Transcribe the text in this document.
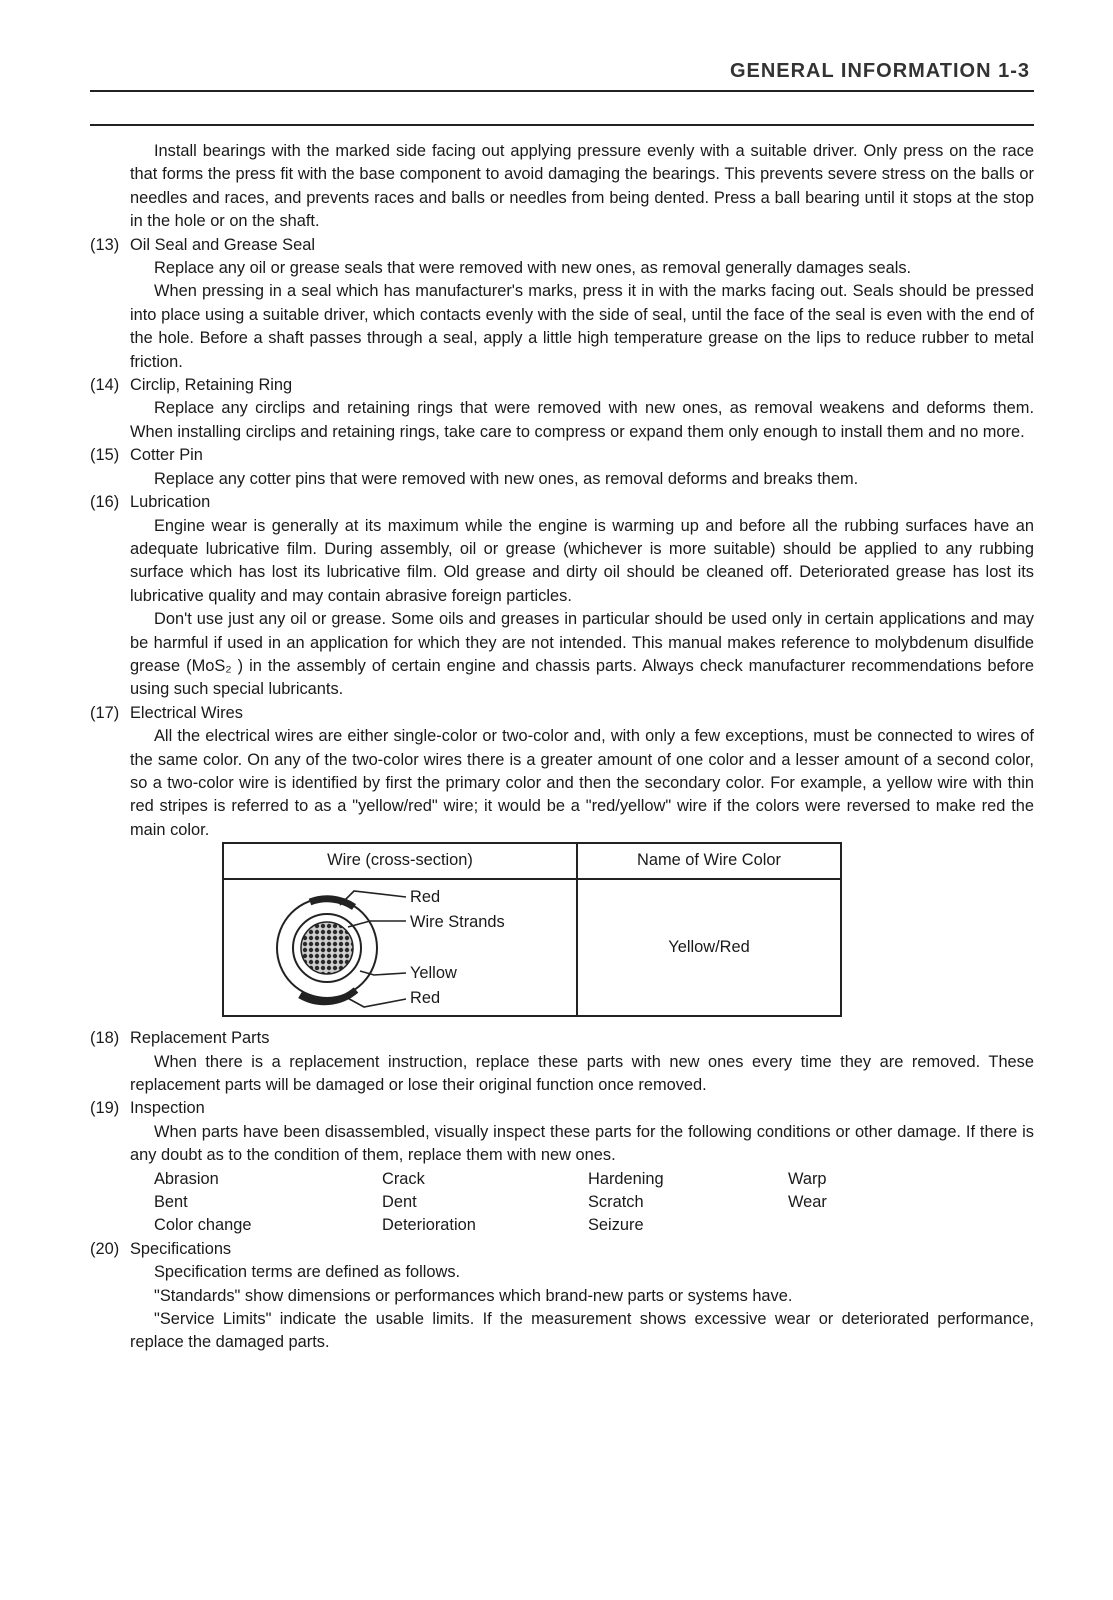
GENERAL INFORMATION 1-3

Install bearings with the marked side facing out applying pressure evenly with a suitable driver. Only press on the race that forms the press fit with the base component to avoid damaging the bearings. This prevents severe stress on the balls or needles and races, and prevents races and balls or needles from being dented. Press a ball bearing until it stops at the stop in the hole or on the shaft.

(13) Oil Seal and Grease Seal

Replace any oil or grease seals that were removed with new ones, as removal generally damages seals.

When pressing in a seal which has manufacturer's marks, press it in with the marks facing out. Seals should be pressed into place using a suitable driver, which contacts evenly with the side of seal, until the face of the seal is even with the end of the hole. Before a shaft passes through a seal, apply a little high temperature grease on the lips to reduce rubber to metal friction.

(14) Circlip, Retaining Ring

Replace any circlips and retaining rings that were removed with new ones, as removal weakens and deforms them. When installing circlips and retaining rings, take care to compress or expand them only enough to install them and no more.

(15) Cotter Pin

Replace any cotter pins that were removed with new ones, as removal deforms and breaks them.

(16) Lubrication

Engine wear is generally at its maximum while the engine is warming up and before all the rubbing surfaces have an adequate lubricative film. During assembly, oil or grease (whichever is more suitable) should be applied to any rubbing surface which has lost its lubricative film. Old grease and dirty oil should be cleaned off. Deteriorated grease has lost its lubricative quality and may contain abrasive foreign particles.

Don't use just any oil or grease. Some oils and greases in particular should be used only in certain applications and may be harmful if used in an application for which they are not intended. This manual makes reference to molybdenum disulfide grease (MoS₂ ) in the assembly of certain engine and chassis parts. Always check manufacturer recommendations before using such special lubricants.

(17) Electrical Wires

All the electrical wires are either single-color or two-color and, with only a few exceptions, must be connected to wires of the same color. On any of the two-color wires there is a greater amount of one color and a lesser amount of a second color, so a two-color wire is identified by first the primary color and then the secondary color. For example, a yellow wire with thin red stripes is referred to as a "yellow/red" wire; it would be a "red/yellow" wire if the colors were reversed to make red the main color.

Wire (cross-section)	Name of Wire Color

Red
Wire Strands
Yellow
Red	Yellow/Red

(18) Replacement Parts

When there is a replacement instruction, replace these parts with new ones every time they are removed. These replacement parts will be damaged or lose their original function once removed.

(19) Inspection

When parts have been disassembled, visually inspect these parts for the following conditions or other damage. If there is any doubt as to the condition of them, replace them with new ones.

Abrasion	Crack	Hardening	Warp
Bent	Dent	Scratch	Wear
Color change	Deterioration	Seizure

(20) Specifications

Specification terms are defined as follows.

"Standards" show dimensions or performances which brand-new parts or systems have.

"Service Limits" indicate the usable limits. If the measurement shows excessive wear or deteriorated performance, replace the damaged parts.
